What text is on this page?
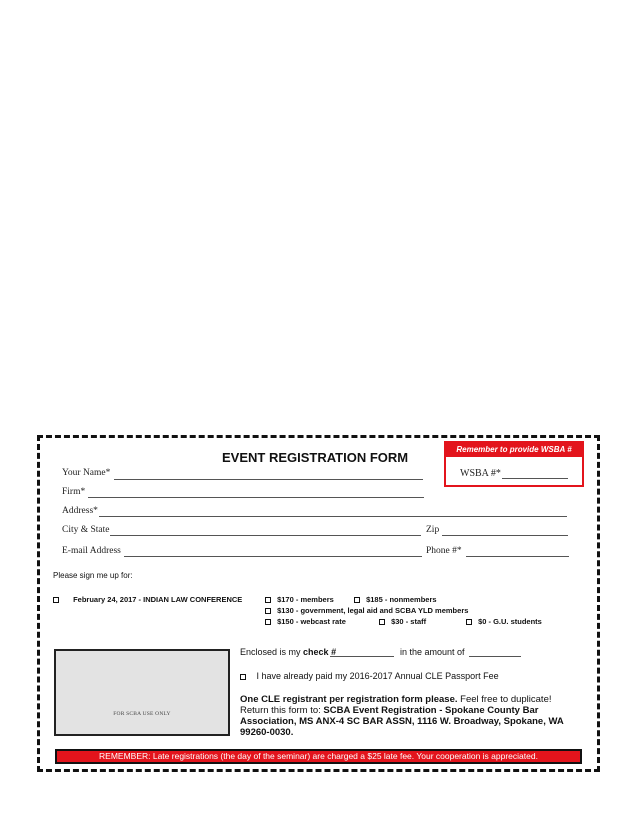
EVENT REGISTRATION FORM
Remember to provide WSBA #
WSBA #*
Your Name*
Firm*
Address*
City & State	Zip
E-mail Address	Phone #*
Please sign me up for:
February 24, 2017 - INDIAN LAW CONFERENCE	$170 - members	$185 - nonmembers
$130 - government, legal aid and SCBA YLD members
$150 - webcast rate	$30 - staff	$0 - G.U. students
FOR SCBA USE ONLY
Enclosed is my check #	in the amount of
I have already paid my 2016-2017 Annual CLE Passport Fee
One CLE registrant per registration form please. Feel free to duplicate!
Return this form to: SCBA Event Registration - Spokane County Bar Association, MS ANX-4 SC BAR ASSN, 1116 W. Broadway, Spokane, WA 99260-0030.
REMEMBER: Late registrations (the day of the seminar) are charged a $25 late fee. Your cooperation is appreciated.
